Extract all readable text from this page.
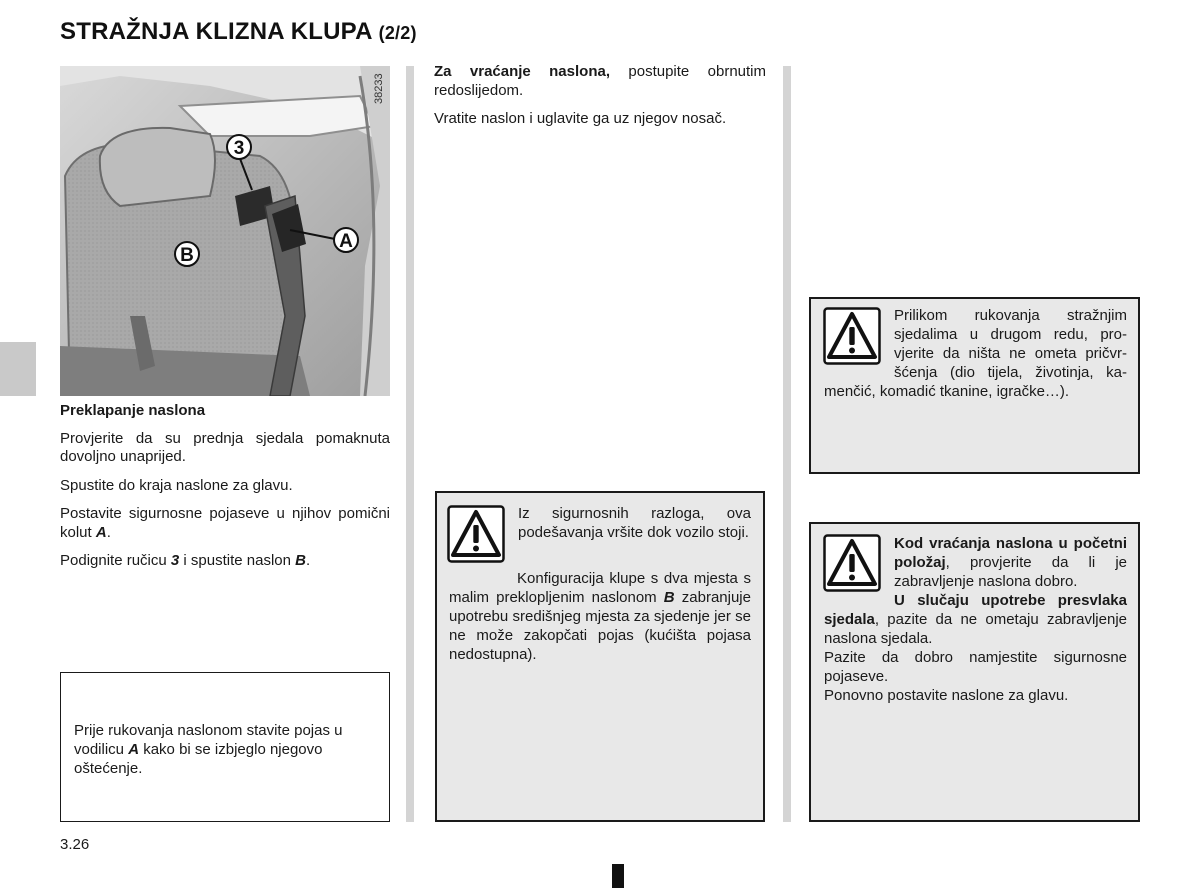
STRAŽNJA KLIZNA KLUPA (2/2)
38233
3
A
B

Preklapanje naslona

Provjerite da su prednja sjedala pomaknuta dovoljno unaprijed.

Spustite do kraja naslone za glavu.

Postavite sigurnosne pojaseve u njihov pomični kolut A.

Podignite ručicu 3 i spustite naslon B.

Prije rukovanja naslonom stavite pojas u vodilicu A kako bi se izbjeglo njegovo oštećenje.

Za vraćanje naslona, postupite obrnutim redoslijedom.

Vratite naslon i uglavite ga uz njegov nosač.

Iz sigurnosnih razloga, ova podešavanja vršite dok vozilo stoji.

Konfiguracija klupe s dva mjesta s malim preklopljenim naslonom B zabranjuje upotrebu središnjeg mjesta za sjedenje jer se ne može zakopčati pojas (kućišta pojasa nedostupna).

Prilikom rukovanja stražnjim sjedalima u drugom redu, provjerite da ništa ne ometa pričvršćenja (dio tijela, životinja, kamenčić, komadić tkanine, igračke…).
Kod vraćanja naslona u početni položaj, provjerite da li je zabravljenje naslona dobro.
U slučaju upotrebe presvlaka sjedala, pazite da ne ometaju zabravljenje naslona sjedala.
Pazite da dobro namjestite sigurnosne pojaseve.
Ponovno postavite naslone za glavu.
3.26
